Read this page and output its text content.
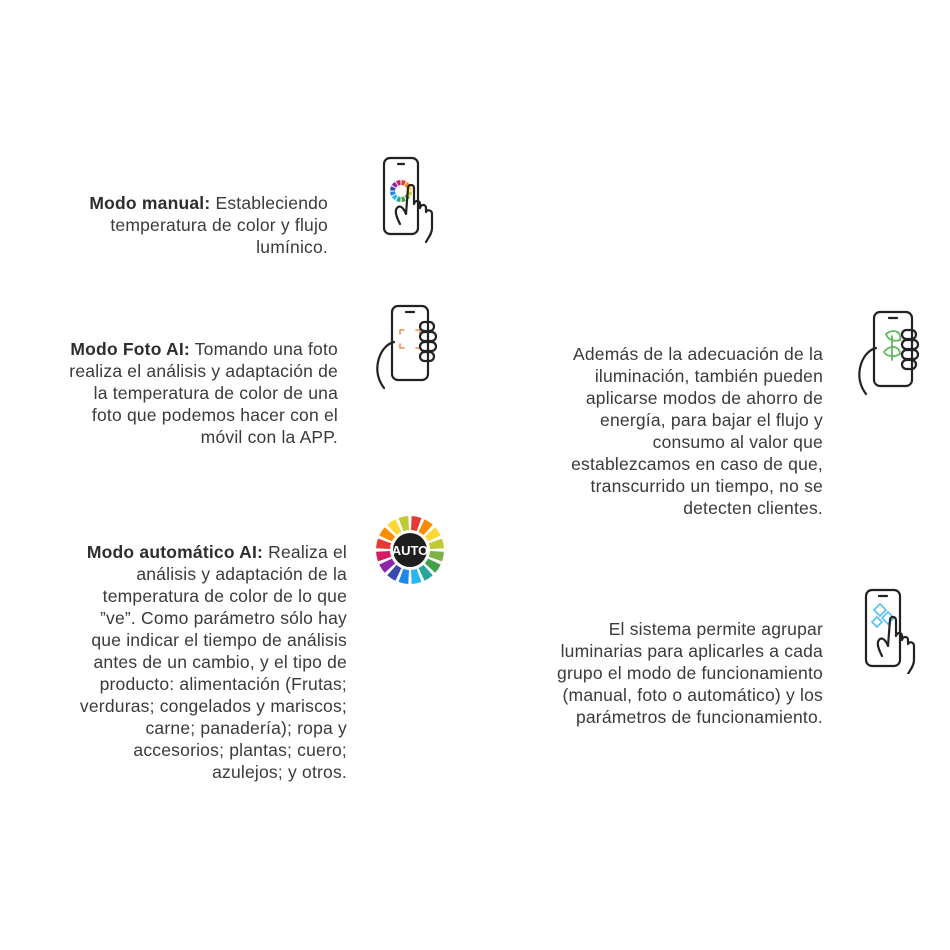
Modo manual: Estableciendo
temperatura de color y flujo
lumínico.
Modo Foto AI: Tomando una foto
realiza el análisis y adaptación de
la temperatura de color de una
foto que podemos hacer con el
móvil con la APP.
Modo automático AI: Realiza el
análisis y adaptación de la
temperatura de color de lo que
”ve”. Como parámetro sólo hay
que indicar el tiempo de análisis
antes de un cambio, y el tipo de
producto: alimentación (Frutas;
verduras; congelados y mariscos;
carne; panadería); ropa y
accesorios; plantas; cuero;
azulejos; y otros.
Además de la adecuación de la
iluminación, también pueden
aplicarse modos de ahorro de
energía, para bajar el flujo y
consumo al valor que
establezcamos en caso de que,
transcurrido un tiempo, no se
detecten clientes.
El sistema permite agrupar
luminarias para aplicarles a cada
grupo el modo de funcionamiento
(manual, foto o automático) y los
parámetros de funcionamiento.
AUTO
